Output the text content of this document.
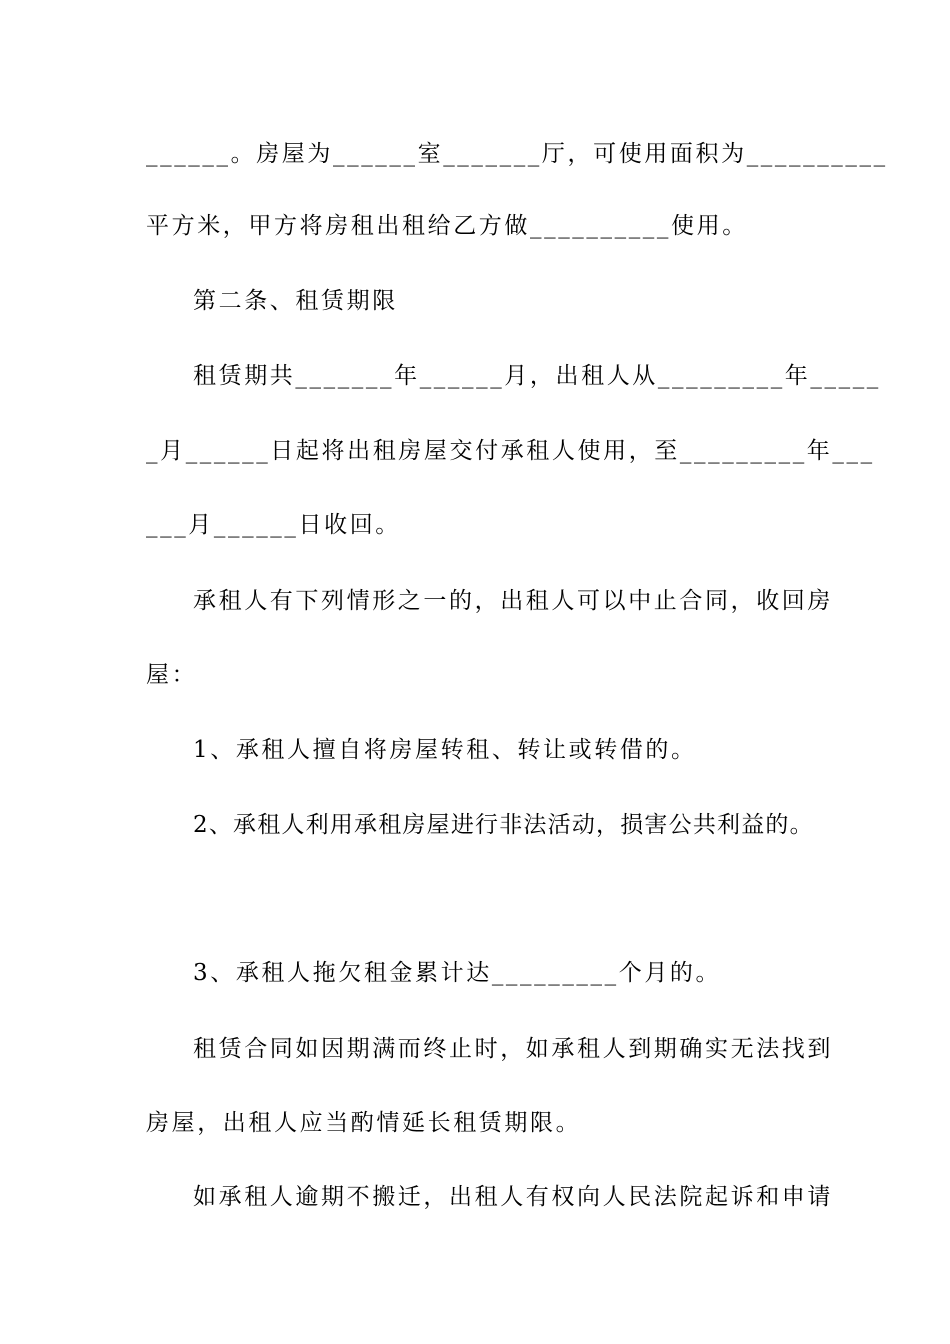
______。房屋为______室_______厅，可使用面积为__________
平方米，甲方将房租出租给乙方做__________使用。
第二条、租赁期限
租赁期共_______年______月，出租人从_________年_____
_月______日起将出租房屋交付承租人使用，至_________年___
___月______日收回。
承租人有下列情形之一的，出租人可以中止合同，收回房
屋：
1、承租人擅自将房屋转租、转让或转借的。
2、承租人利用承租房屋进行非法活动，损害公共利益的。
3、承租人拖欠租金累计达_________个月的。
租赁合同如因期满而终止时，如承租人到期确实无法找到
房屋，出租人应当酌情延长租赁期限。
如承租人逾期不搬迁，出租人有权向人民法院起诉和申请
